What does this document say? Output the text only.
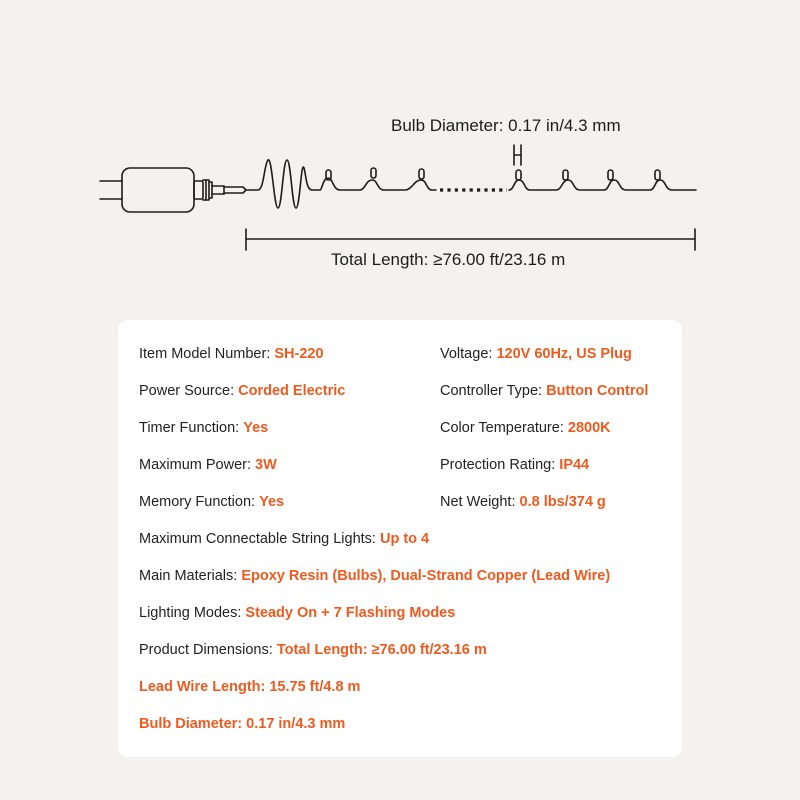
Bulb Diameter: 0.17 in/4.3 mm
Total Length: ≥76.00 ft/23.16 m
Item Model Number: SH-220
Power Source: Corded Electric
Timer Function: Yes
Maximum Power: 3W
Memory Function: Yes
Voltage: 120V 60Hz, US Plug
Controller Type: Button Control
Color Temperature: 2800K
Protection Rating: IP44
Net Weight: 0.8 lbs/374 g
Maximum Connectable String Lights: Up to 4
Main Materials: Epoxy Resin (Bulbs), Dual-Strand Copper (Lead Wire)
Lighting Modes: Steady On + 7 Flashing Modes
Product Dimensions: Total Length: ≥76.00 ft/23.16 m
Lead Wire Length: 15.75 ft/4.8 m
Bulb Diameter: 0.17 in/4.3 mm
